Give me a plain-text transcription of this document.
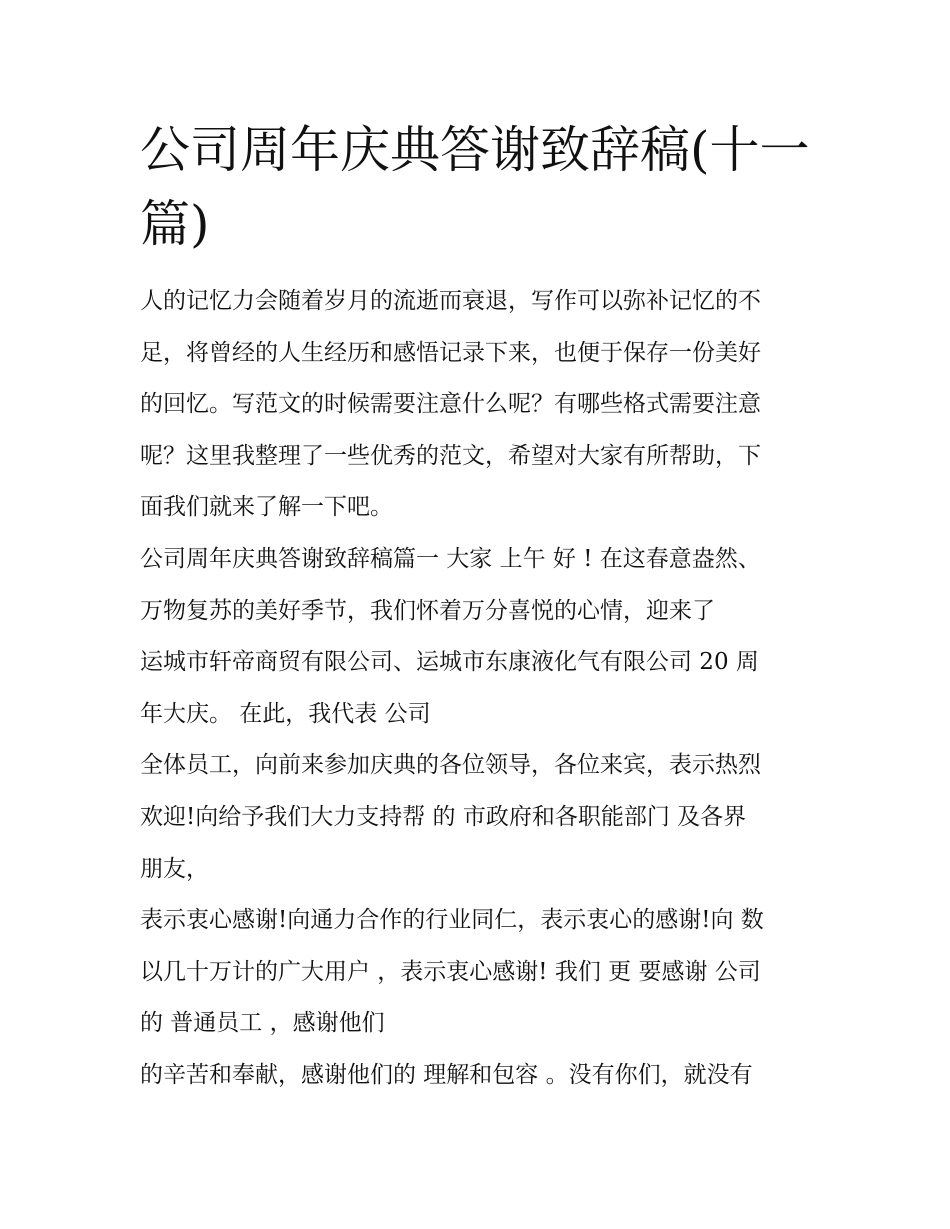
公司周年庆典答谢致辞稿(十一
篇)
人的记忆力会随着岁月的流逝而衰退，写作可以弥补记忆的不
足，将曾经的人生经历和感悟记录下来，也便于保存一份美好
的回忆。写范文的时候需要注意什么呢？有哪些格式需要注意
呢？这里我整理了一些优秀的范文，希望对大家有所帮助，下
面我们就来了解一下吧。
公司周年庆典答谢致辞稿篇一 大家 上午 好 ! 在这春意盎然、
万物复苏的美好季节，我们怀着万分喜悦的心情，迎来了
运城市轩帝商贸有限公司、运城市东康液化气有限公司 20 周
年大庆。 在此，我代表 公司
全体员工，向前来参加庆典的各位领导，各位来宾，表示热烈
欢迎!向给予我们大力支持帮 的 市政府和各职能部门 及各界
朋友，
表示衷心感谢!向通力合作的行业同仁，表示衷心的感谢!向 数
以几十万计的广大用户 ，表示衷心感谢! 我们 更 要感谢 公司
的 普通员工 ，感谢他们
的辛苦和奉献，感谢他们的 理解和包容 。没有你们，就没有
